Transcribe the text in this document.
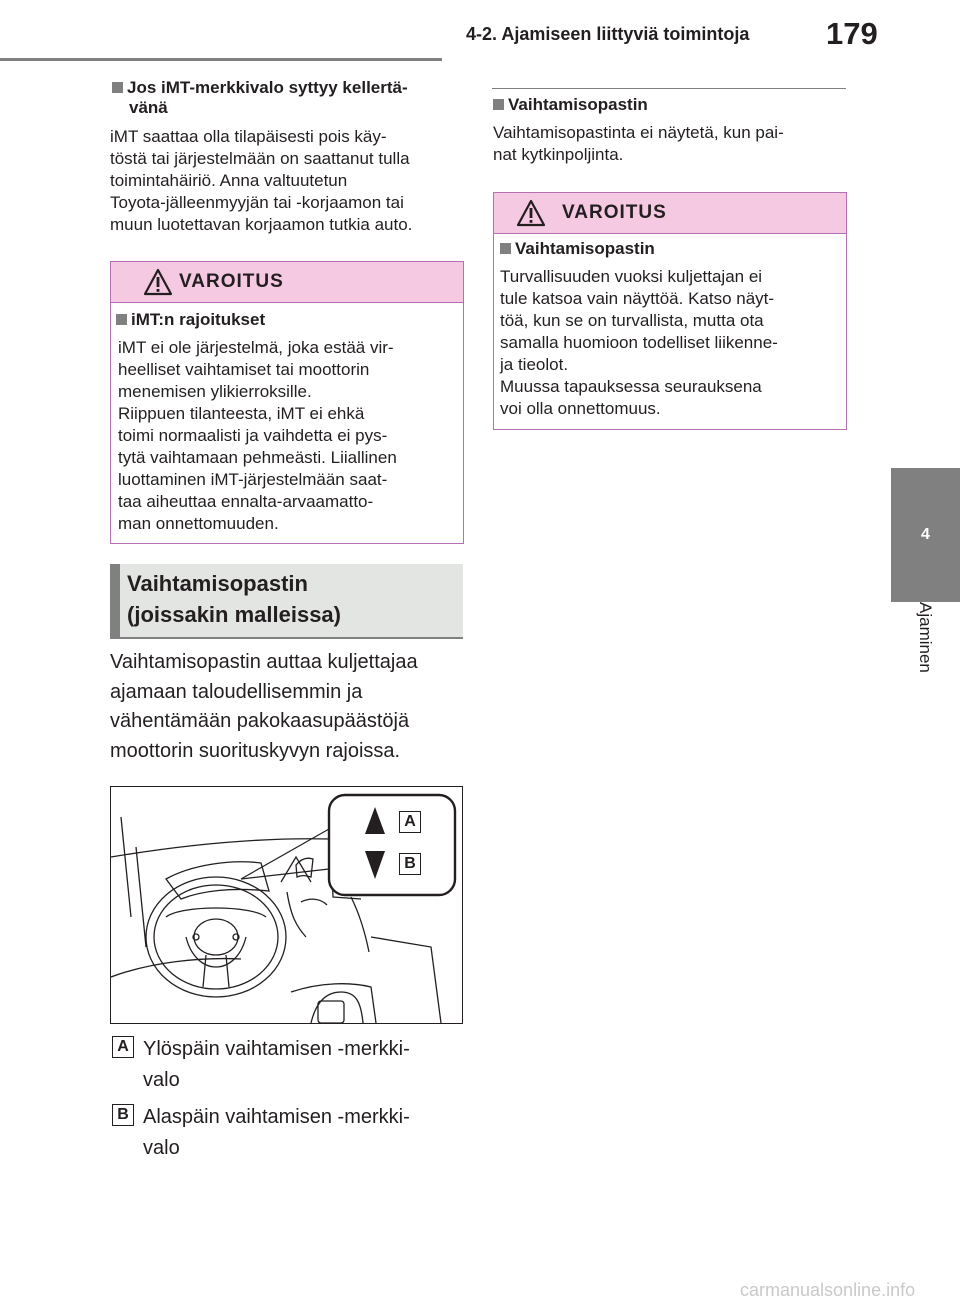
4-2. Ajamiseen liittyviä toimintoja 179
4
Ajaminen
Jos iMT-merkkivalo syttyy kellertä-
vänä
iMT saattaa olla tilapäisesti pois käy-
töstä tai järjestelmään on saattanut tulla
toimintahäiriö. Anna valtuutetun
Toyota-jälleenmyyjän tai -korjaamon tai
muun luotettavan korjaamon tutkia auto.
VAROITUS
iMT:n rajoitukset
iMT ei ole järjestelmä, joka estää vir-
heelliset vaihtamiset tai moottorin
menemisen ylikierroksille.
Riippuen tilanteesta, iMT ei ehkä
toimi normaalisti ja vaihdetta ei pys-
tytä vaihtamaan pehmeästi. Liiallinen
luottaminen iMT-järjestelmään saat-
taa aiheuttaa ennalta-arvaamatto-
man onnettomuuden.
Vaihtamisopastin
(joissakin malleissa)
Vaihtamisopastin auttaa kuljettajaa
ajamaan taloudellisemmin ja
vähentämään pakokaasupäästöjä
moottorin suorituskyvyn rajoissa.
A
B
A Ylöspäin vaihtamisen -merkki-
valo
B Alaspäin vaihtamisen -merkki-
valo
Vaihtamisopastin
Vaihtamisopastinta ei näytetä, kun pai-
nat kytkinpoljinta.
VAROITUS
Vaihtamisopastin
Turvallisuuden vuoksi kuljettajan ei
tule katsoa vain näyttöä. Katso näyt-
töä, kun se on turvallista, mutta ota
samalla huomioon todelliset liikenne-
ja tieolot.
Muussa tapauksessa seurauksena
voi olla onnettomuus.
carmanualsonline.info
